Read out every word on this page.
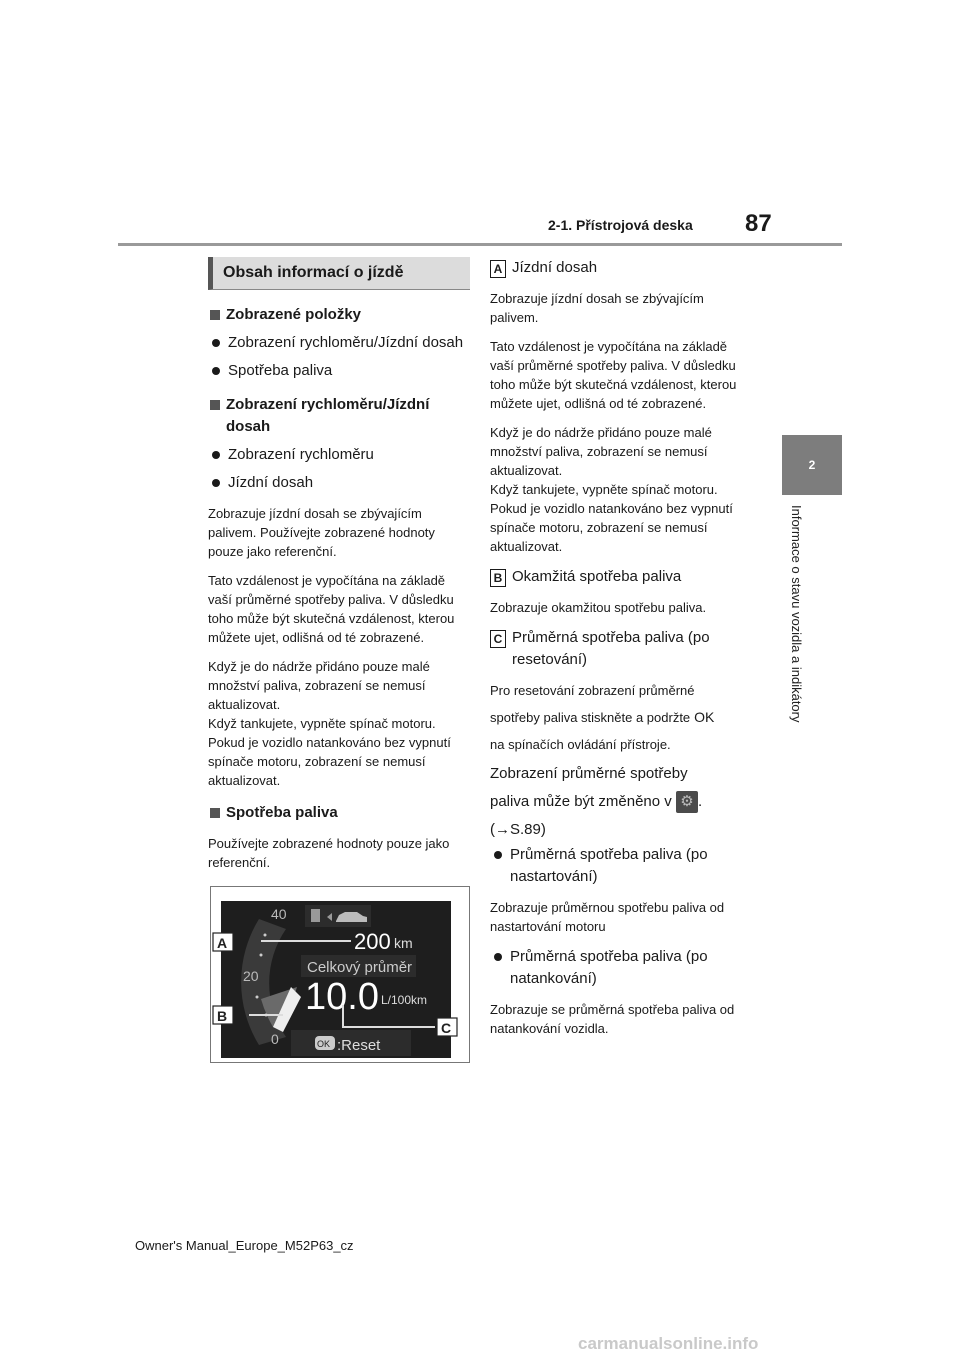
2-1. Přístrojová deska 87
2
Informace o stavu vozidla a indikátory
Obsah informací o jízdě
Zobrazené položky
Zobrazení rychloměru/Jízdní dosah
Spotřeba paliva
Zobrazení rychloměru/Jízdní dosah
Zobrazení rychloměru
Jízdní dosah
Zobrazuje jízdní dosah se zbývajícím palivem. Používejte zobrazené hodnoty pouze jako referenční.
Tato vzdálenost je vypočítána na základě vaší průměrné spotřeby paliva. V důsledku toho může být skutečná vzdálenost, kterou můžete ujet, odlišná od té zobrazené.
Když je do nádrže přidáno pouze malé množství paliva, zobrazení se nemusí aktualizovat.
Když tankujete, vypněte spínač motoru. Pokud je vozidlo natankováno bez vypnutí spínače motoru, zobrazení se nemusí aktualizovat.
Spotřeba paliva
Používejte zobrazené hodnoty pouze jako referenční.
40
20
0
200 km
Celkový průměr
10.0 L/100km
OK :Reset
A
B
C
A Jízdní dosah
Zobrazuje jízdní dosah se zbývajícím palivem.
Tato vzdálenost je vypočítána na základě vaší průměrné spotřeby paliva. V důsledku toho může být skutečná vzdálenost, kterou můžete ujet, odlišná od té zobrazené.
Když je do nádrže přidáno pouze malé množství paliva, zobrazení se nemusí aktualizovat.
Když tankujete, vypněte spínač motoru. Pokud je vozidlo natankováno bez vypnutí spínače motoru, zobrazení se nemusí aktualizovat.
B Okamžitá spotřeba paliva
Zobrazuje okamžitou spotřebu paliva.
C Průměrná spotřeba paliva (po resetování)
Pro resetování zobrazení průměrné
spotřeby paliva stiskněte a podržte OK
na spínačích ovládání přístroje.
Zobrazení průměrné spotřeby
paliva může být změněno v ⚙ .
(→S.89)
Průměrná spotřeba paliva (po nastartování)
Zobrazuje průměrnou spotřebu paliva od nastartování motoru
Průměrná spotřeba paliva (po natankování)
Zobrazuje se průměrná spotřeba paliva od natankování vozidla.
Owner's Manual_Europe_M52P63_cz
carmanualsonline.info
